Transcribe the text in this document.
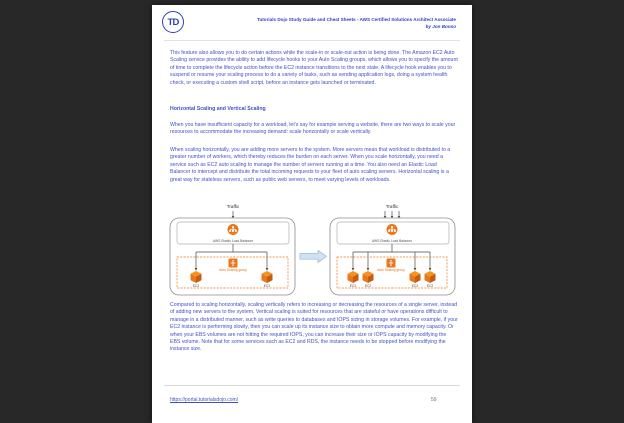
TD	Tutorials Dojo Study Guide and Cheat Sheets - AWS Certified Solutions Architect Associate
by Jon Bonso
This feature also allows you to do certain actions while the scale-in or scale-out action is being done. The Amazon EC2 Auto Scaling service provides the ability to add lifecycle hooks to your Auto Scaling groups, which allows you to specify the amount of time to complete the lifecycle action before the EC2 instance transitions to the next state. A lifecycle hook enables you to suspend or resume your scaling process to do a variety of tasks, such as sending application logs, doing a system health check, or executing a custom shell script, before an instance gets launched or terminated.
Horizontal Scaling and Vertical Scaling
When you have insufficient capacity for a workload, let's say for example serving a website, there are two ways to scale your resources to accommodate the increasing demand: scale horizontally or scale vertically.
When scaling horizontally, you are adding more servers to the system. More servers mean that workload is distributed to a greater number of workers, which thereby reduces the burden on each server. When you scale horizontally, you need a service such as EC2 auto scaling to manage the number of servers running at a time. You also need an Elastic Load Balancer to intercept and distribute the total incoming requests to your fleet of auto scaling servers. Horizontal scaling is a great way for stateless servers, such as public web servers, to meet varying levels of workloads.
Traffic	Traffic
AWS Elastic Load Balancer	AWS Elastic Load Balancer
Auto Scaling group	Auto Scaling group
EC2	EC2	EC2	EC2	EC2	EC2
Compared to scaling horizontally, scaling vertically refers to increasing or decreasing the resources of a single server, instead of adding new servers to the system. Vertical scaling is suited for resources that are stateful or have operations difficult to manage in a distributed manner, such as write queries to databases and IOPS sizing in storage volumes. For example, if your EC2 instance is performing slowly, then you can scale up its instance size to obtain more compute and memory capacity. Or when your EBS volumes are not hitting the required IOPS, you can increase their size or IOPS capacity by modifying the EBS volume. Note that for some services such as EC2 and RDS, the instance needs to be stopped before modifying the instance size.
https://portal.tutorialsdojo.com/	59
